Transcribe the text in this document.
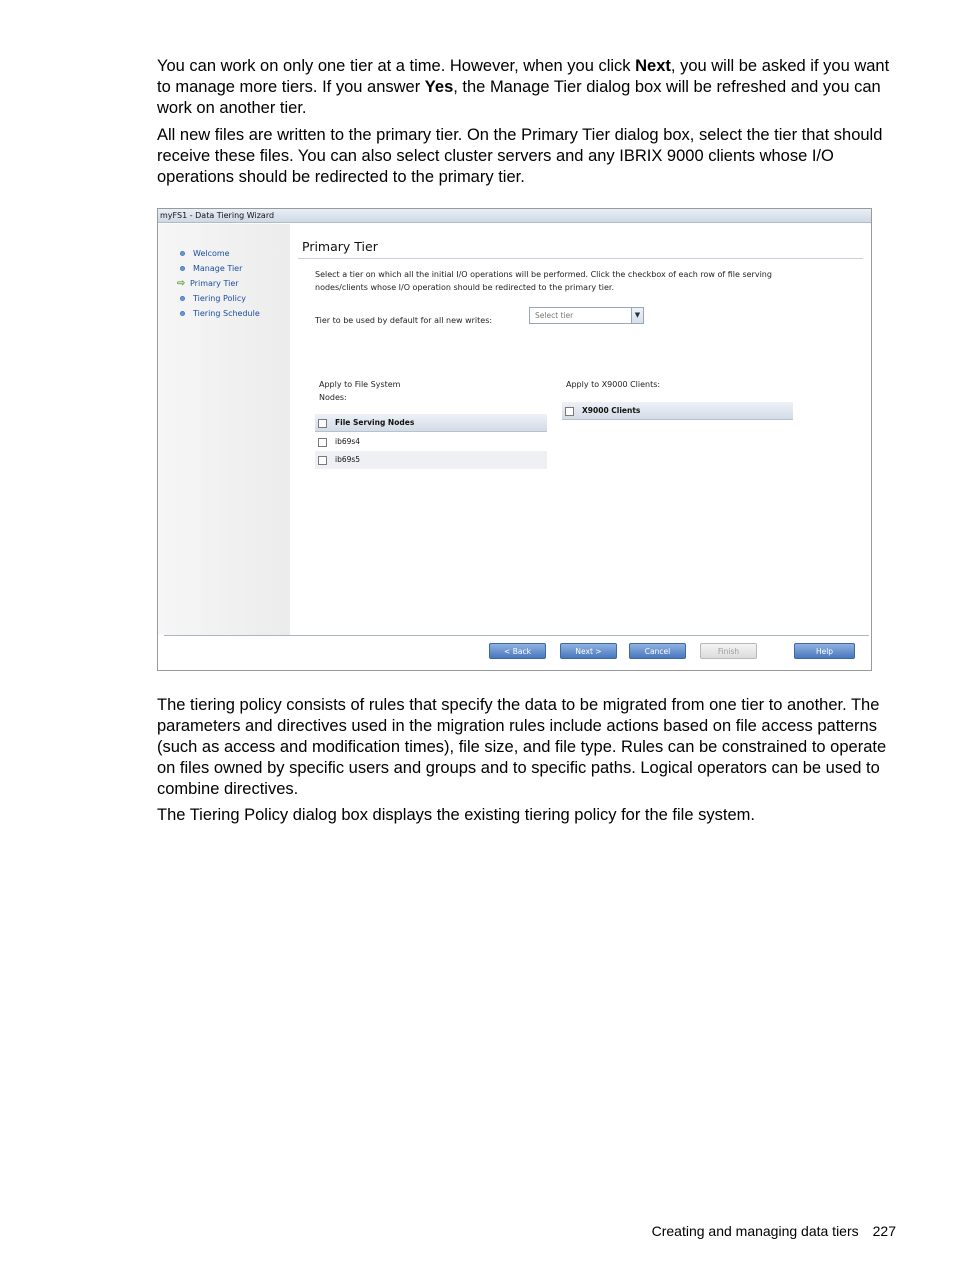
You can work on only one tier at a time. However, when you click Next, you will be asked if you want to manage more tiers. If you answer Yes, the Manage Tier dialog box will be refreshed and you can work on another tier.

All new files are written to the primary tier. On the Primary Tier dialog box, select the tier that should receive these files. You can also select cluster servers and any IBRIX 9000 clients whose I/O operations should be redirected to the primary tier.

myFS1 - Data Tiering Wizard
Welcome
Manage Tier
⇨ Primary Tier
Tiering Policy
Tiering Schedule
Primary Tier

Select a tier on which all the initial I/O operations will be performed. Click the checkbox of each row of file serving nodes/clients whose I/O operation should be redirected to the primary tier.

Tier to be used by default for all new writes:
Select tier	▼
Apply to File System
Nodes:
Apply to X9000 Clients:
File Serving Nodes
ib69s4
ib69s5
X9000 Clients
< Back	Next >	Cancel	Finish	Help

The tiering policy consists of rules that specify the data to be migrated from one tier to another. The parameters and directives used in the migration rules include actions based on file access patterns (such as access and modification times), file size, and file type. Rules can be constrained to operate on files owned by specific users and groups and to specific paths. Logical operators can be used to combine directives.

The Tiering Policy dialog box displays the existing tiering policy for the file system.

Creating and managing data tiers 227
